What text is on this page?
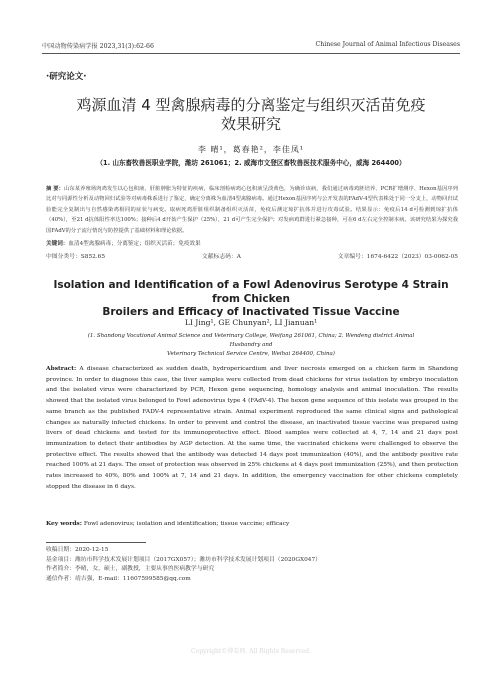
中国动物传染病学报 2023,31(3):62-66	Chinese Journal of Animal Infectious Diseases
·研究论文·
鸡源血清 4 型禽腺病毒的分离鉴定与组织灭活苗免疫
效果研究
李 晴¹，葛春艳²，李佳凤¹
（1. 山东畜牧兽医职业学院，潍坊 261061；2. 威海市文登区畜牧兽医技术服务中心，威海 264400）
摘 要：山东某养殖场肉鸡发生以心包积液、肝脏肿胀为特征的疾病，临床剖检病鸡心包积液呈淡黄色，为确诊该病，我们通过病毒鸡胚培养、PCR扩增测序、Hexon基因序列比对与同源性分析及动物回归试验等对病毒株系进行了鉴定，确定分离株为血清4型禽腺病毒。通过Hexon基因序列与公开发表的FAdV-4型代表株处于同一分支上，动物回归试验能完全复制出与自然感染鸡相同的症状与病变。取病死鸡肝脏组织制备组织灭活苗，免疫后测定琼扩抗体并进行攻毒试验。结果显示：免疫后14 d可检测到琼扩抗体（40%），至21 d抗体阳性率达100%；接种后4 d开始产生保护（25%），21 d可产生完全保护；对发病鸡群进行紧急接种，可在6 d左右完全控制本病。该研究结果为探究我国FAdV的分子流行情况与防控提供了基础材料和理论依据。
关键词：血清4型禽腺病毒；分离鉴定；组织灭活苗；免疫效果
中图分类号：S852.65	文献标志码：A	文章编号：1674-6422（2023）03-0062-05
Isolation and Identification of a Fowl Adenovirus Serotype 4 Strain from Chicken
Broilers and Efficacy of Inactivated Tissue Vaccine
LI Jing¹, GE Chunyan², LI Jianuan¹
(1. Shandong Vocational Animal Science and Veterinary College, Weifang 261061, China; 2. Wendeng district Animal Husbandry and
Veterinary Technical Service Centre, Weihai 264400, China)
Abstract: A disease characterized as sudden death, hydropericardium and liver necrosis emerged on a chicken farm in Shandong province. In order to diagnose this case, the liver samples were collected from dead chickens for virus isolation by embryo inoculation and the isolated virus were characterized by PCR, Hexon gene sequencing, homology analysis and animal inoculation. The results showed that the isolated virus belonged to Fowl adenovirus type 4 (FAdV-4). The hexon gene sequence of this isolate was grouped in the same branch as the published FADV-4 representative strain. Animal experiment reproduced the same clinical signs and pathological changes as naturally infected chickens. In order to prevent and control the disease, an inactivated tissue vaccine was prepared using livers of dead chickens and tested for its immunoprotective effect. Blood samples were collected at 4, 7, 14 and 21 days post immunization to detect their antibodies by AGP detection. At the same time, the vaccinated chickens were challenged to observe the protective effect. The results showed that the antibody was detected 14 days post immunization (40%), and the antibody positive rate reached 100% at 21 days. The onset of protection was observed in 25% chickens at 4 days post immunization (25%), and then protection rates increased to 40%, 80% and 100% at 7, 14 and 21 days. In addition, the emergency vaccination for other chickens completely stopped the disease in 6 days.
Key words: Fowl adenovirus; isolation and identification; tissue vaccine; efficacy
收稿日期：2020-12-15
基金项目：潍坊市科学技术发展计划项目（2017GX057）；潍坊市科学技术发展计划项目（2020GX047）
作者简介：李晴，女，硕士，副教授，主要从事兽医病教学与研究
通信作者：靖吉强，E-mail：11607599585@qq.com
Copyright©博看网. All Rights Reserved.
